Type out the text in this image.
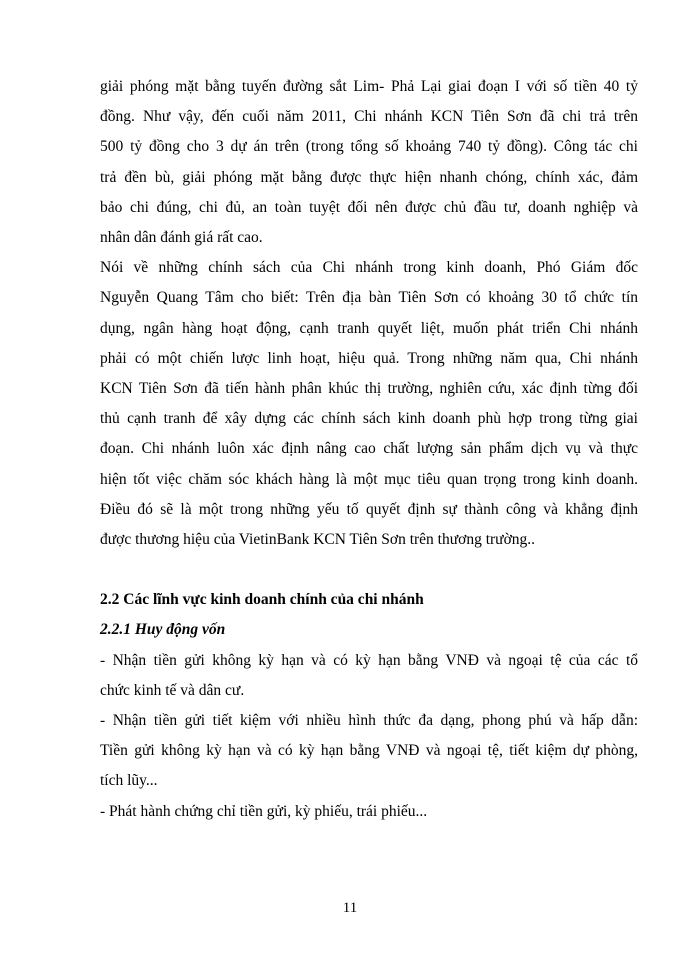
giải phóng mặt bằng tuyến đường sắt Lim- Phả Lại giai đoạn I với số tiền 40 tỷ
đồng. Như vậy, đến cuối năm 2011, Chi nhánh KCN Tiên Sơn đã chi trả trên
500 tỷ đồng cho 3 dự án trên (trong tổng số khoảng 740 tỷ đồng). Công tác chi
trả đền bù, giải phóng mặt bằng được thực hiện nhanh chóng, chính xác, đảm
bảo chi đúng, chi đủ, an toàn tuyệt đối nên được chủ đầu tư, doanh nghiệp và
nhân dân đánh giá rất cao.

Nói về những chính sách của Chi nhánh trong kinh doanh, Phó Giám đốc
Nguyễn Quang Tâm cho biết: Trên địa bàn Tiên Sơn có khoảng 30 tổ chức tín
dụng, ngân hàng hoạt động, cạnh tranh quyết liệt, muốn phát triển Chi nhánh
phải có một chiến lược linh hoạt, hiệu quả. Trong những năm qua, Chi nhánh
KCN Tiên Sơn đã tiến hành phân khúc thị trường, nghiên cứu, xác định từng đối
thủ cạnh tranh để xây dựng các chính sách kinh doanh phù hợp trong từng giai
đoạn. Chi nhánh luôn xác định nâng cao chất lượng sản phẩm dịch vụ và thực
hiện tốt việc chăm sóc khách hàng là một mục tiêu quan trọng trong kinh doanh.
Điều đó sẽ là một trong những yếu tố quyết định sự thành công và khẳng định
được thương hiệu của VietinBank KCN Tiên Sơn trên thương trường..

2.2 Các lĩnh vực kinh doanh chính của chi nhánh

2.2.1 Huy động vốn

- Nhận tiền gửi không kỳ hạn và có kỳ hạn bằng VNĐ và ngoại tệ của các tổ
chức kinh tế và dân cư.

- Nhận tiền gửi tiết kiệm với nhiều hình thức đa dạng, phong phú và hấp dẫn:
Tiền gửi không kỳ hạn và có kỳ hạn bằng VNĐ và ngoại tệ, tiết kiệm dự phòng,
tích lũy...

- Phát hành chứng chỉ tiền gửi, kỳ phiếu, trái phiếu...

11
